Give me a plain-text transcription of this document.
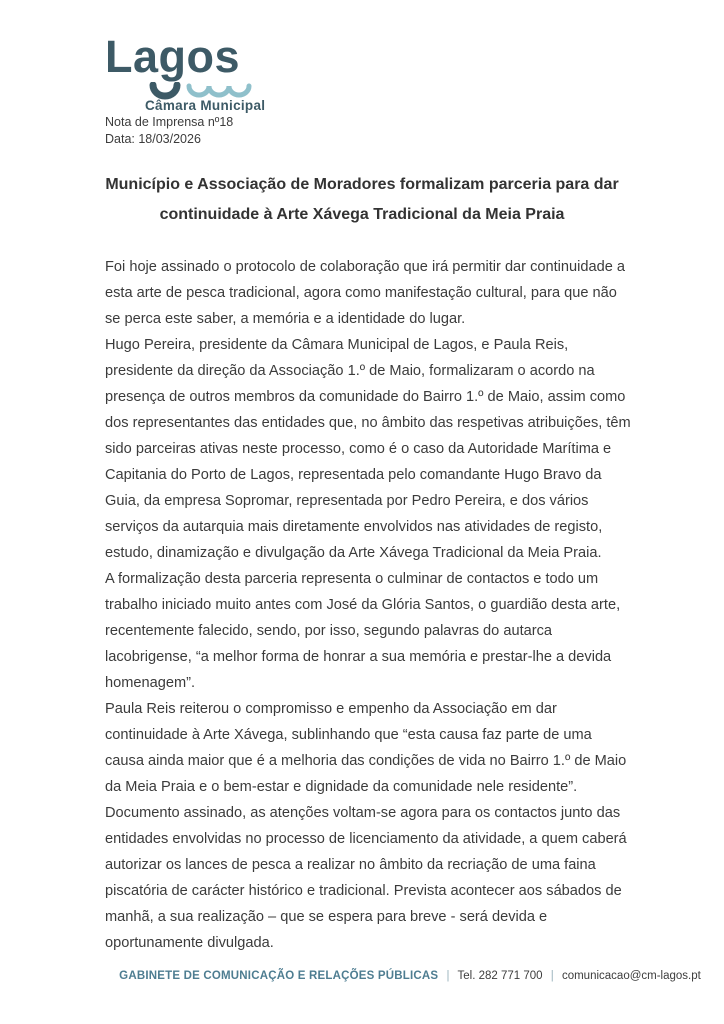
Lagos
Câmara Municipal
Nota de Imprensa nº18
Data: 18/03/2026
Município e Associação de Moradores formalizam parceria para dar continuidade à Arte Xávega Tradicional da Meia Praia

Foi hoje assinado o protocolo de colaboração que irá permitir dar continuidade a esta arte de pesca tradicional, agora como manifestação cultural, para que não se perca este saber, a memória e a identidade do lugar.

Hugo Pereira, presidente da Câmara Municipal de Lagos, e Paula Reis, presidente da direção da Associação 1.º de Maio, formalizaram o acordo na presença de outros membros da comunidade do Bairro 1.º de Maio, assim como dos representantes das entidades que, no âmbito das respetivas atribuições, têm sido parceiras ativas neste processo, como é o caso da Autoridade Marítima e Capitania do Porto de Lagos, representada pelo comandante Hugo Bravo da Guia, da empresa Sopromar, representada por Pedro Pereira, e dos vários serviços da autarquia mais diretamente envolvidos nas atividades de registo, estudo, dinamização e divulgação da Arte Xávega Tradicional da Meia Praia.

A formalização desta parceria representa o culminar de contactos e todo um trabalho iniciado muito antes com José da Glória Santos, o guardião desta arte, recentemente falecido, sendo, por isso, segundo palavras do autarca lacobrigense, “a melhor forma de honrar a sua memória e prestar-lhe a devida homenagem”.

Paula Reis reiterou o compromisso e empenho da Associação em dar continuidade à Arte Xávega, sublinhando que “esta causa faz parte de uma causa ainda maior que é a melhoria das condições de vida no Bairro 1.º de Maio da Meia Praia e o bem-estar e dignidade da comunidade nele residente”.

Documento assinado, as atenções voltam-se agora para os contactos junto das entidades envolvidas no processo de licenciamento da atividade, a quem caberá autorizar os lances de pesca a realizar no âmbito da recriação de uma faina piscatória de carácter histórico e tradicional. Prevista acontecer aos sábados de manhã, a sua realização – que se espera para breve - será devida e oportunamente divulgada.

GABINETE DE COMUNICAÇÃO E RELAÇÕES PÚBLICAS | Tel. 282 771 700 | comunicacao@cm-lagos.pt
